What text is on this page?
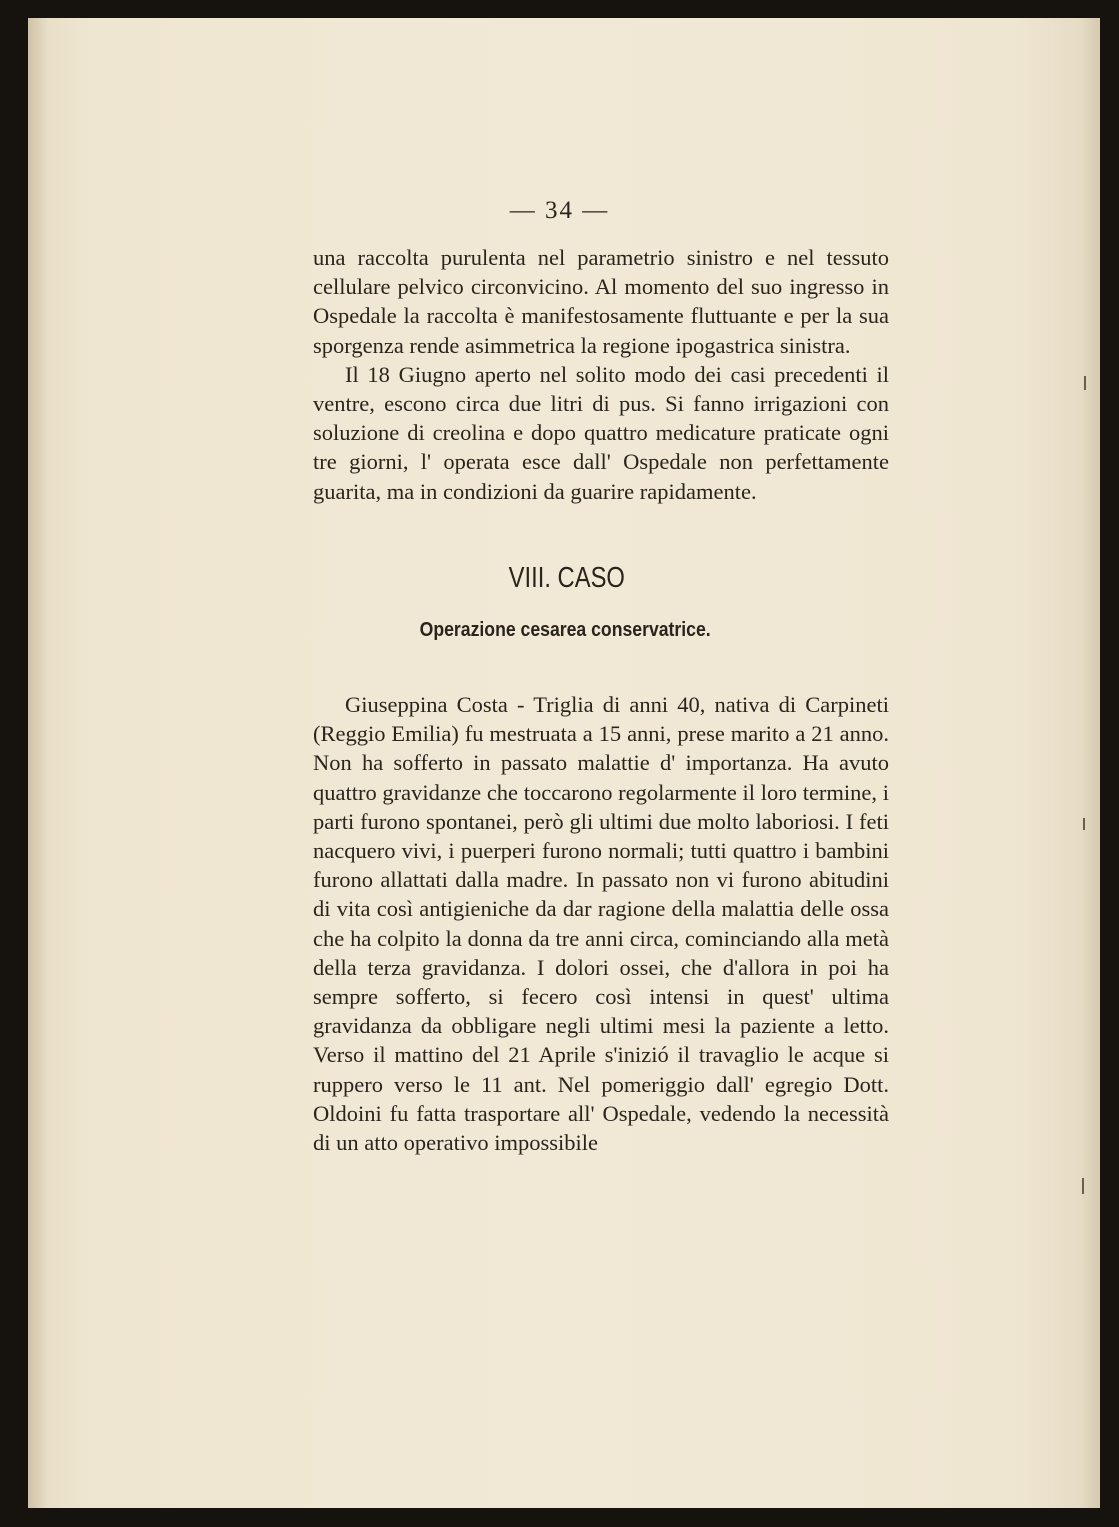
— 34 —

una raccolta purulenta nel parametrio sinistro e nel tessuto cellulare pelvico circonvicino. Al momento del suo ingresso in Ospedale la raccolta è manifestosamente fluttuante e per la sua sporgenza rende asimmetrica la regione ipogastrica sinistra.

Il 18 Giugno aperto nel solito modo dei casi precedenti il ventre, escono circa due litri di pus. Si fanno irrigazioni con soluzione di creolina e dopo quattro medicature praticate ogni tre giorni, l' operata esce dall' Ospedale non perfettamente guarita, ma in condizioni da guarire rapidamente.

VIII. CASO
Operazione cesarea conservatrice.

Giuseppina Costa - Triglia di anni 40, nativa di Carpineti (Reggio Emilia) fu mestruata a 15 anni, prese marito a 21 anno. Non ha sofferto in passato malattie d' importanza. Ha avuto quattro gravidanze che toccarono regolarmente il loro termine, i parti furono spontanei, però gli ultimi due molto laboriosi. I feti nacquero vivi, i puerperi furono normali; tutti quattro i bambini furono allattati dalla madre. In passato non vi furono abitudini di vita così antigieniche da dar ragione della malattia delle ossa che ha colpito la donna da tre anni circa, cominciando alla metà della terza gravidanza. I dolori ossei, che d'allora in poi ha sempre sofferto, si fecero così intensi in quest' ultima gravidanza da obbligare negli ultimi mesi la paziente a letto. Verso il mattino del 21 Aprile s'inizió il travaglio le acque si ruppero verso le 11 ant. Nel pomeriggio dall' egregio Dott. Oldoini fu fatta trasportare all' Ospedale, vedendo la necessità di un atto operativo impossibile
